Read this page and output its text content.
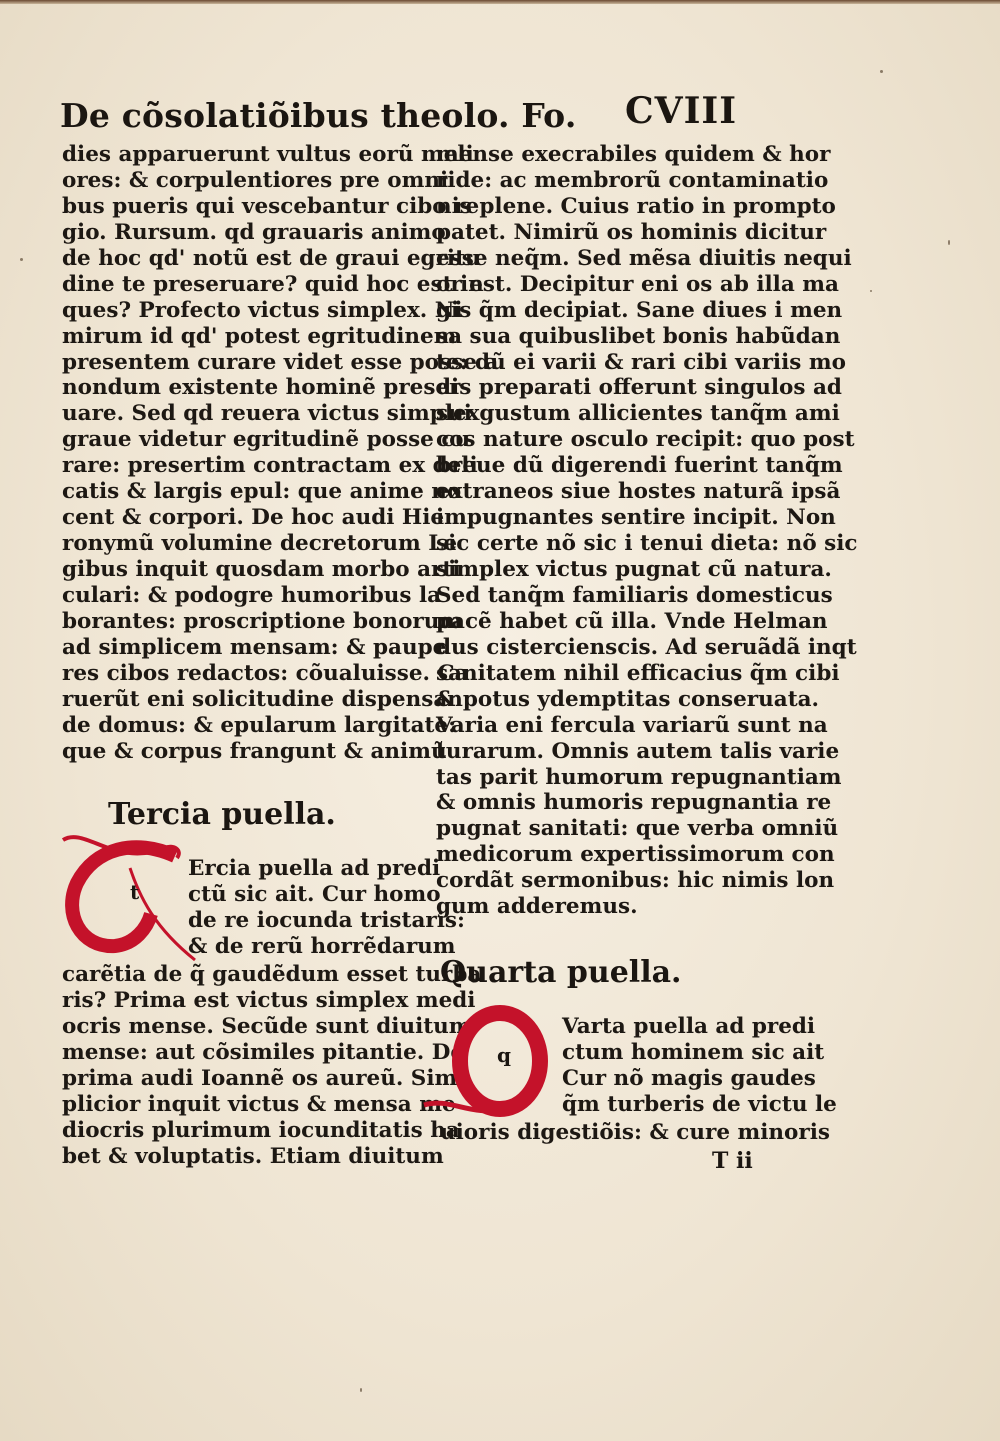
De cõsolatiõibus theolo. Fo.	CVIII
dies apparuerunt vultus eorũ meli
ores: & corpulentiores pre omni
bus pueris qui vescebantur cibo re
gio. Rursum. qd grauaris animo
de hoc qd' notũ est de graui egritu
dine te preseruare? quid hoc est in
ques? Profecto victus simplex. Ni
mirum id qd' potest egritudinem
presentem curare videt esse posse a
nondum existente hominẽ preser
uare. Sed qd reuera victus simplex
graue videtur egritudinẽ posse cu
rare: presertim contractam ex deli
catis & largis epul: que anime no
cent & corpori. De hoc audi Hie
ronymũ volumine decretorum Le
gibus inquit quosdam morbo arti
culari: & podogre humoribus la
borantes: proscriptione bonorum
ad simplicem mensam: & paupe
res cibos redactos: cõualuisse. Ca
ruerũt eni solicitudine dispensan
de domus: & epularum largitate:
que & corpus frangunt & animũ
Tercia puella.
t
Ercia puella ad predi
ctũ sic ait. Cur homo
de re iocunda tristaris:
& de rerũ horrẽdarum
carẽtia de q̃ gaudẽdum esset turba
ris? Prima est victus simplex medi
ocris mense. Secũde sunt diuitum
mense: aut cõsimiles pitantie. De
prima audi Ioannẽ os aureũ. Sim
plicior inquit victus & mensa me
diocris plurimum iocunditatis ha
bet & voluptatis. Etiam diuitum
mense execrabiles quidem & hor
ride: ac membrorũ contaminatio
nis plene. Cuius ratio in prompto
patet. Nimirũ os hominis dicitur
esse neq̃m. Sed mẽsa diuitis nequi
or est. Decipitur eni os ab illa ma
gis q̃m decipiat. Sane diues i men
sa sua quibuslibet bonis habũdan
te: dũ ei varii & rari cibi variis mo
dis preparati offerunt singulos ad
sui gustum allicientes tanq̃m ami
cos nature osculo recipit: quo post
breue dũ digerendi fuerint tanq̃m
extraneos siue hostes naturã ipsã
impugnantes sentire incipit. Non
sic certe nõ sic i tenui dieta: nõ sic
simplex victus pugnat cũ natura.
Sed tanq̃m familiaris domesticus
pacẽ habet cũ illa. Vnde Helman
dus cistercienscis. Ad seruãdã inqt
sanitatem nihil efficacius q̃m cibi
& potus ydemptitas conseruata.
Varia eni fercula variarũ sunt na
turarum. Omnis autem talis varie
tas parit humorum repugnantiam
& omnis humoris repugnantia re
pugnat sanitati: que verba omniũ
medicorum expertissimorum con
cordãt sermonibus: hic nimis lon
gum adderemus.
Quarta puella.
q
Varta puella ad predi
ctum hominem sic ait
Cur nõ magis gaudes
q̃m turberis de victu le
uioris digestiõis: & cure minoris
T ii
